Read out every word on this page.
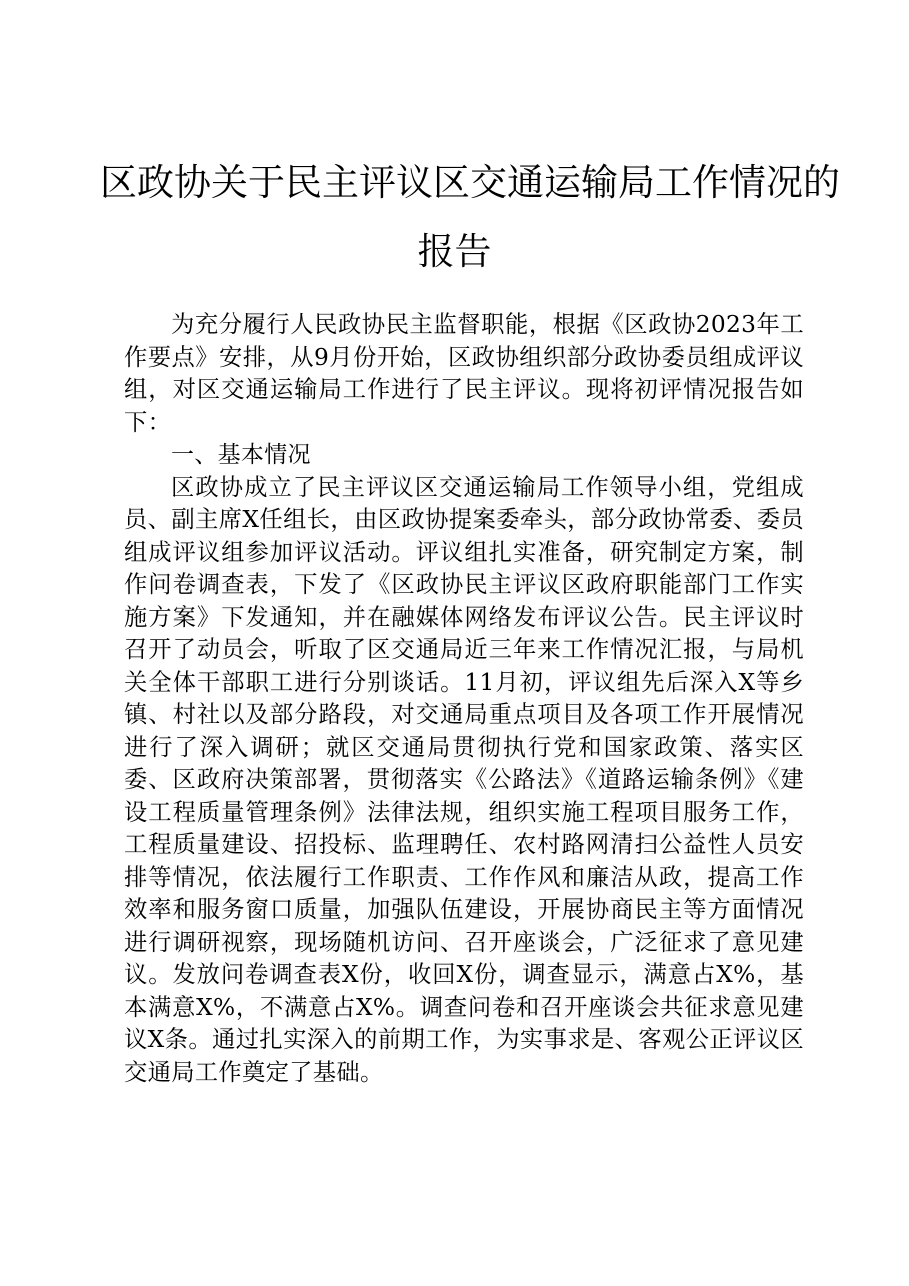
区政协关于民主评议区交通运输局工作情况的
报告

为充分履行人民政协民主监督职能，根据《区政协2023年工作要点》安排，从9月份开始，区政协组织部分政协委员组成评议组，对区交通运输局工作进行了民主评议。现将初评情况报告如下：

一、基本情况

区政协成立了民主评议区交通运输局工作领导小组，党组成员、副主席X任组长，由区政协提案委牵头，部分政协常委、委员组成评议组参加评议活动。评议组扎实准备，研究制定方案，制作问卷调查表，下发了《区政协民主评议区政府职能部门工作实施方案》下发通知，并在融媒体网络发布评议公告。民主评议时召开了动员会，听取了区交通局近三年来工作情况汇报，与局机关全体干部职工进行分别谈话。11月初，评议组先后深入X等乡镇、村社以及部分路段，对交通局重点项目及各项工作开展情况进行了深入调研；就区交通局贯彻执行党和国家政策、落实区委、区政府决策部署，贯彻落实《公路法》《道路运输条例》《建设工程质量管理条例》法律法规，组织实施工程项目服务工作，工程质量建设、招投标、监理聘任、农村路网清扫公益性人员安排等情况，依法履行工作职责、工作作风和廉洁从政，提高工作效率和服务窗口质量，加强队伍建设，开展协商民主等方面情况进行调研视察，现场随机访问、召开座谈会，广泛征求了意见建议。发放问卷调查表X份，收回X份，调查显示，满意占X%，基本满意X%，不满意占X%。调查问卷和召开座谈会共征求意见建议X条。通过扎实深入的前期工作，为实事求是、客观公正评议区交通局工作奠定了基础。
